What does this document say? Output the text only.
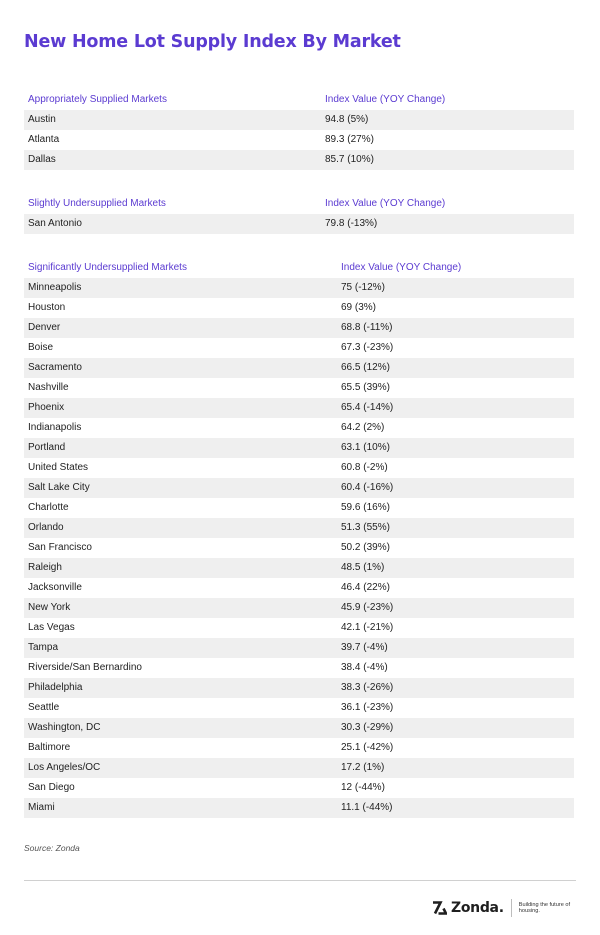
New Home Lot Supply Index By Market
Appropriately Supplied Markets	Index Value (YOY Change)
Austin	94.8 (5%)
Atlanta	89.3 (27%)
Dallas	85.7 (10%)
Slightly Undersupplied Markets	Index Value (YOY Change)
San Antonio	79.8 (-13%)
Significantly Undersupplied Markets	Index Value (YOY Change)
Minneapolis	75 (-12%)
Houston	69 (3%)
Denver	68.8 (-11%)
Boise	67.3 (-23%)
Sacramento	66.5 (12%)
Nashville	65.5 (39%)
Phoenix	65.4 (-14%)
Indianapolis	64.2 (2%)
Portland	63.1 (10%)
United States	60.8 (-2%)
Salt Lake City	60.4 (-16%)
Charlotte	59.6 (16%)
Orlando	51.3 (55%)
San Francisco	50.2 (39%)
Raleigh	48.5 (1%)
Jacksonville	46.4 (22%)
New York	45.9 (-23%)
Las Vegas	42.1 (-21%)
Tampa	39.7 (-4%)
Riverside/San Bernardino	38.4 (-4%)
Philadelphia	38.3 (-26%)
Seattle	36.1 (-23%)
Washington, DC	30.3 (-29%)
Baltimore	25.1 (-42%)
Los Angeles/OC	17.2 (1%)
San Diego	12 (-44%)
Miami	11.1 (-44%)
Source: Zonda
Zonda.	Building the future of housing.
